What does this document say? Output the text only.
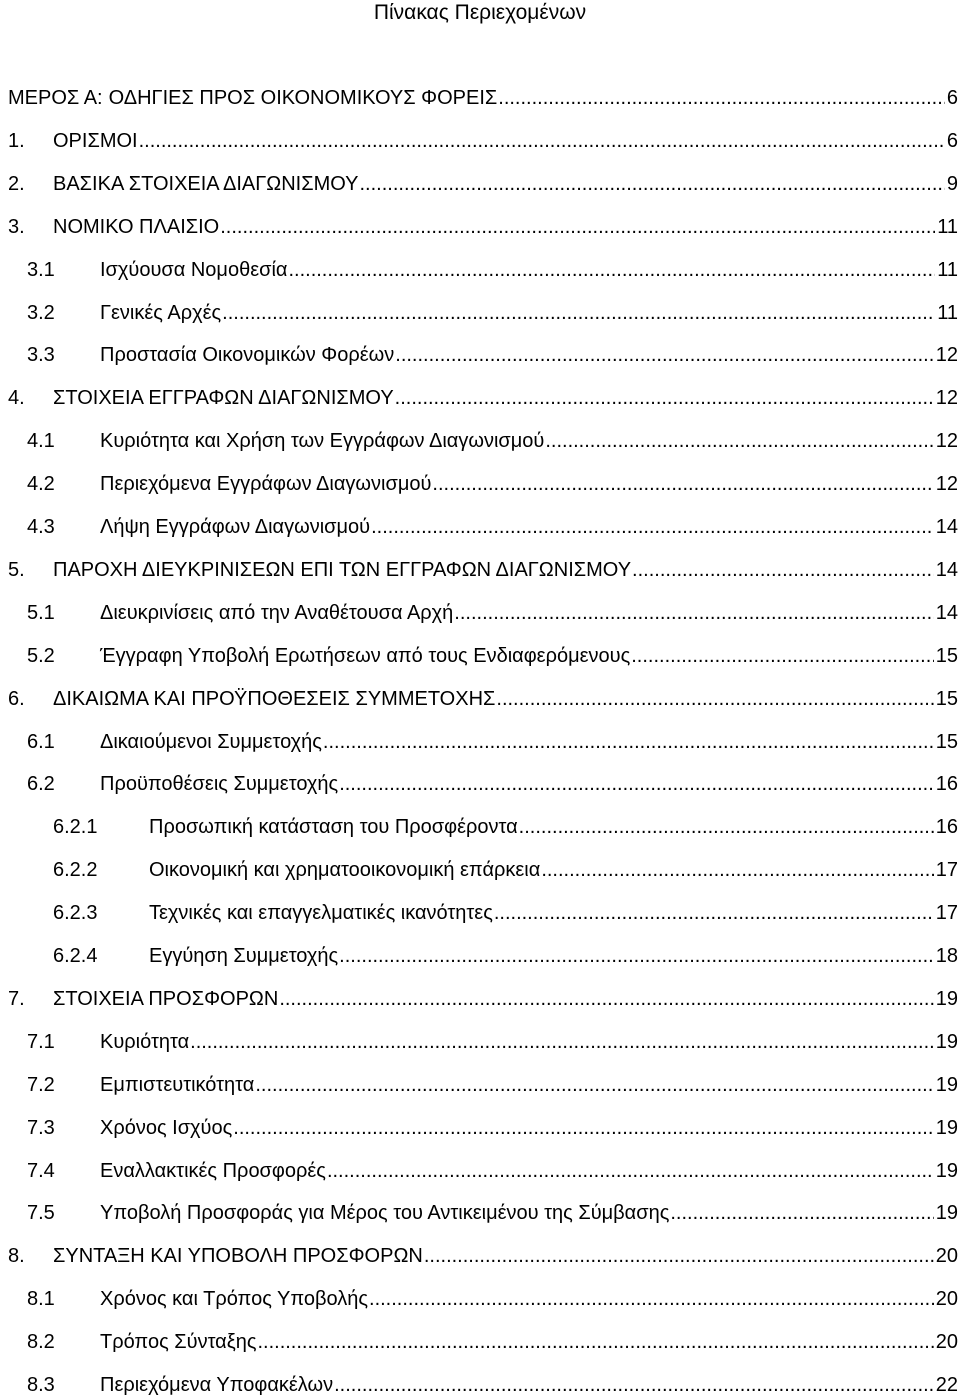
Πίνακας Περιεχομένων
ΜΕΡΟΣ Α: ΟΔΗΓΙΕΣ ΠΡΟΣ ΟΙΚΟΝΟΜΙΚΟΥΣ ΦΟΡΕΙΣ .....	6
1. ΟΡΙΣΜΟΙ .....	6
2. ΒΑΣΙΚΑ ΣΤΟΙΧΕΙΑ ΔΙΑΓΩΝΙΣΜΟΥ .....	9
3. ΝΟΜΙΚΟ ΠΛΑΙΣΙΟ .....	11
3.1 Ισχύουσα Νομοθεσία .....	11
3.2 Γενικές Αρχές .....	11
3.3 Προστασία Οικονομικών Φορέων .....	12
4. ΣΤΟΙΧΕΙΑ ΕΓΓΡΑΦΩΝ ΔΙΑΓΩΝΙΣΜΟΥ .....	12
4.1 Κυριότητα και Χρήση των Εγγράφων Διαγωνισμού .....	12
4.2 Περιεχόμενα Εγγράφων Διαγωνισμού .....	12
4.3 Λήψη Εγγράφων Διαγωνισμού .....	14
5. ΠΑΡΟΧΗ ΔΙΕΥΚΡΙΝΙΣΕΩΝ ΕΠΙ ΤΩΝ ΕΓΓΡΑΦΩΝ ΔΙΑΓΩΝΙΣΜΟΥ .....	14
5.1 Διευκρινίσεις από την Αναθέτουσα Αρχή .....	14
5.2 Έγγραφη Υποβολή Ερωτήσεων από τους Ενδιαφερόμενους .....	15
6. ΔΙΚΑΙΩΜΑ ΚΑΙ ΠΡΟΫΠΟΘΕΣΕΙΣ ΣΥΜΜΕΤΟΧΗΣ .....	15
6.1 Δικαιούμενοι Συμμετοχής .....	15
6.2 Προϋποθέσεις Συμμετοχής .....	16
6.2.1	Προσωπική κατάσταση του Προσφέροντα .....	16
6.2.2	Οικονομική και χρηματοοικονομική επάρκεια .....	17
6.2.3	Τεχνικές και επαγγελματικές ικανότητες .....	17
6.2.4	Εγγύηση Συμμετοχής .....	18
7. ΣΤΟΙΧΕΙΑ ΠΡΟΣΦΟΡΩΝ .....	19
7.1 Κυριότητα .....	19
7.2 Εμπιστευτικότητα .....	19
7.3 Χρόνος Ισχύος .....	19
7.4 Εναλλακτικές Προσφορές .....	19
7.5 Υποβολή Προσφοράς για Μέρος του Αντικειμένου της Σύμβασης .....	19
8. ΣΥΝΤΑΞΗ ΚΑΙ ΥΠΟΒΟΛΗ ΠΡΟΣΦΟΡΩΝ .....	20
8.1 Χρόνος και Τρόπος Υποβολής .....	20
8.2 Τρόπος Σύνταξης .....	20
8.3 Περιεχόμενα Υποφακέλων .....	22
